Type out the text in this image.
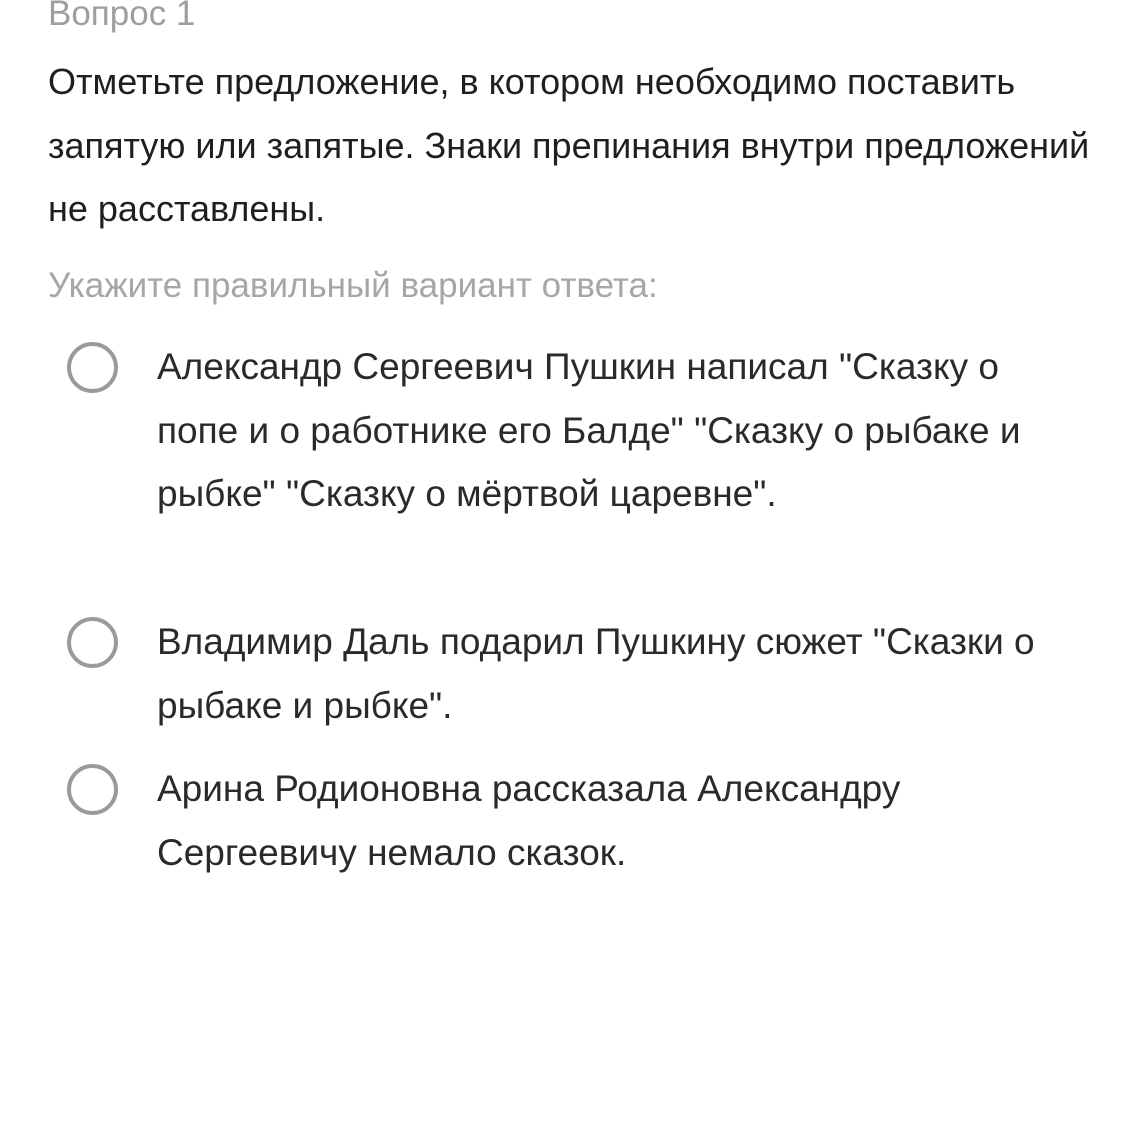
Вопрос 1
Отметьте предложение, в котором необходимо поставить запятую или запятые. Знаки препинания внутри предложений не расставлены.
Укажите правильный вариант ответа:
Александр Сергеевич Пушкин написал "Сказку о попе и о работнике его Балде" "Сказку о рыбаке и рыбке" "Сказку о мёртвой царевне".
Владимир Даль подарил Пушкину сюжет "Сказки о рыбаке и рыбке".
Арина Родионовна рассказала Александру Сергеевичу немало сказок.
